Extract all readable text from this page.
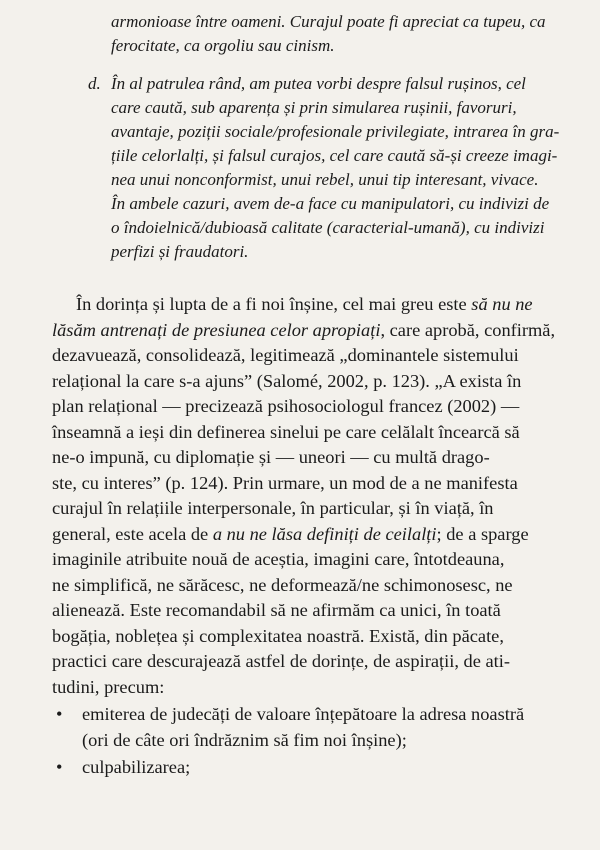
armonioase între oameni. Curajul poate fi apreciat ca tupeu, ca
ferocitate, ca orgoliu sau cinism.
d. În al patrulea rând, am putea vorbi despre falsul rușinos, cel
care caută, sub aparența și prin simularea rușinii, favoruri,
avantaje, poziții sociale/profesionale privilegiate, intrarea în gra-
țiile celorlalți, și falsul curajos, cel care caută să-și creeze imagi-
nea unui nonconformist, unui rebel, unui tip interesant, vivace.
În ambele cazuri, avem de-a face cu manipulatori, cu indivizi de
o îndoielnică/dubioasă calitate (caracterial-umană), cu indivizi
perfizi și fraudatori.
În dorința și lupta de a fi noi înșine, cel mai greu este să nu ne
lăsăm antrenați de presiunea celor apropiați , care aprobă, confirmă,
dezavuează, consolidează, legitimează „dominantele sistemului
relațional la care s-a ajuns” (Salomé, 2002, p. 123). „A exista în
plan relațional — precizează psihosociologul francez (2002) —
înseamnă a ieși din definerea sinelui pe care celălalt încearcă să
ne-o impună, cu diplomație și — uneori — cu multă drago-
ste, cu interes” (p. 124). Prin urmare, un mod de a ne manifesta
curajul în relațiile interpersonale, în particular, și în viață, în
general, este acela de a nu ne lăsa definiți de ceilalți ; de a sparge
imaginile atribuite nouă de aceștia, imagini care, întotdeauna,
ne simplifică, ne sărăcesc, ne deformează/ne schimonosesc, ne
alienează. Este recomandabil să ne afirmăm ca unici, în toată
bogăția, noblețea și complexitatea noastră. Există, din păcate,
practici care descurajează astfel de dorințe, de aspirații, de ati-
tudini, precum:
• emiterea de judecăți de valoare înțepătoare la adresa noastră
(ori de câte ori îndrăznim să fim noi înșine);
• culpabilizarea;
